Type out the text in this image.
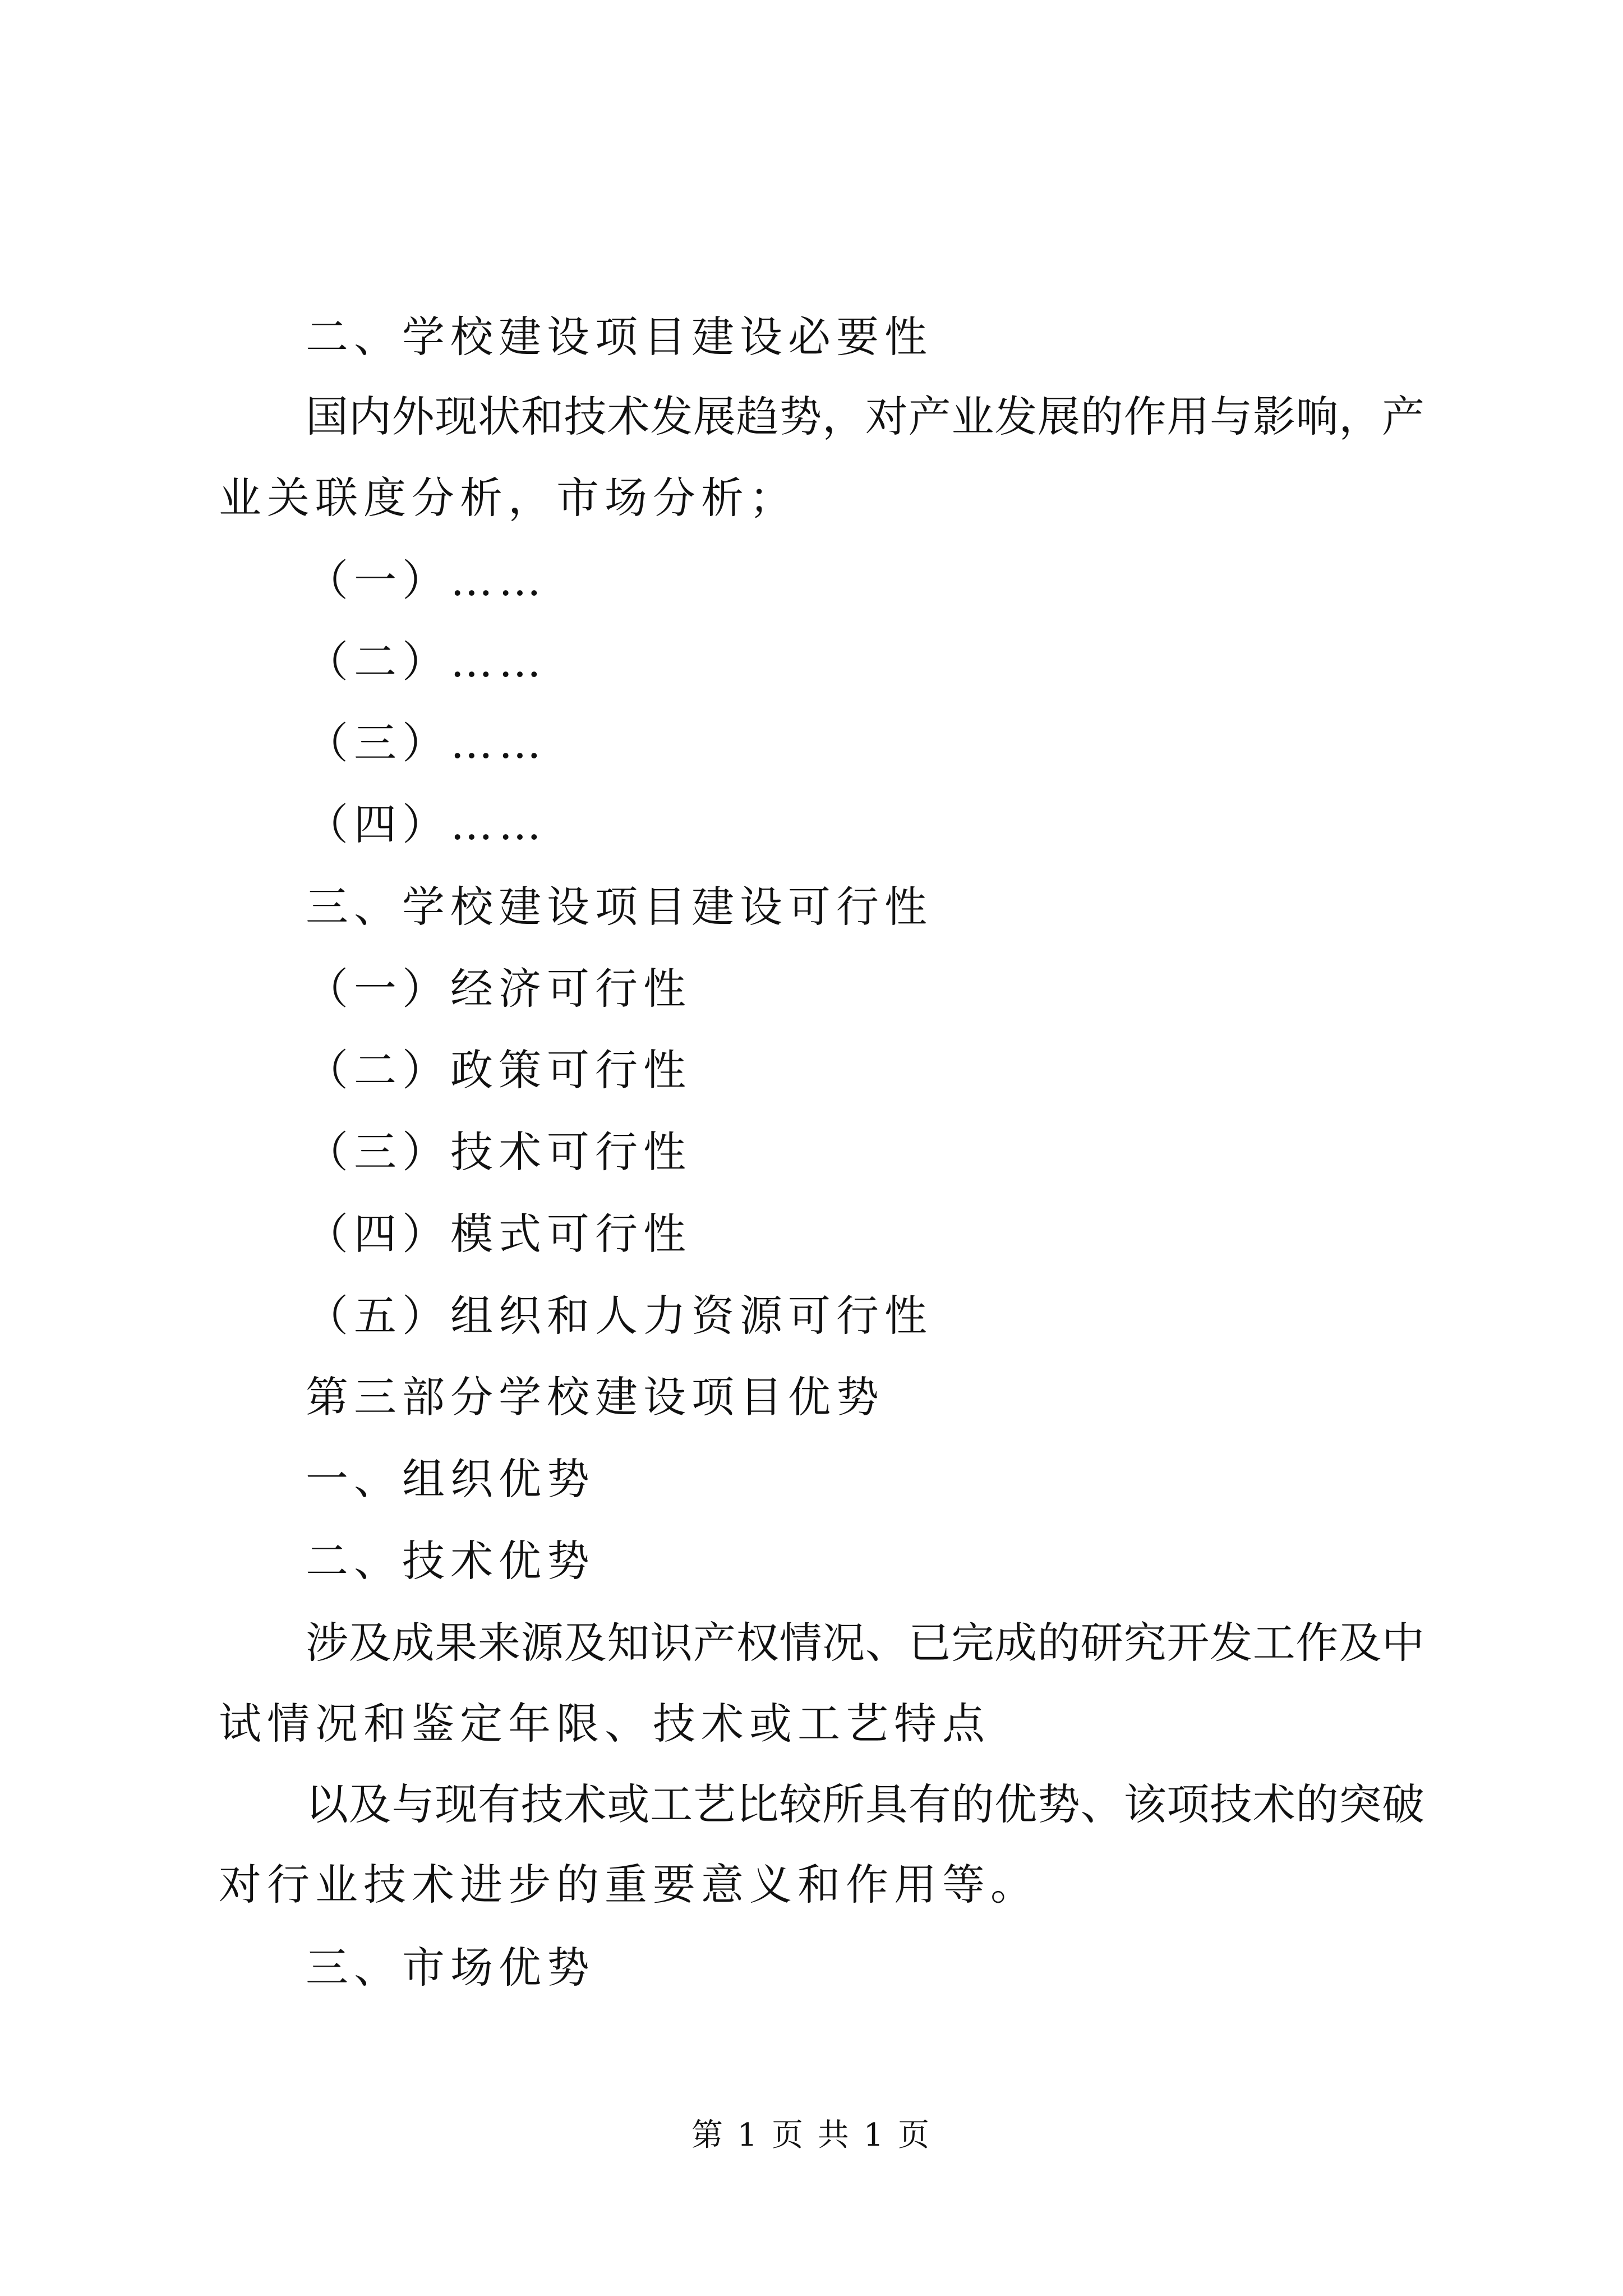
二、学校建设项目建设必要性
国内外现状和技术发展趋势，对产业发展的作用与影响，产
业关联度分析，市场分析；
（一）……
（二）……
（三）……
（四）……
三、学校建设项目建设可行性
（一）经济可行性
（二）政策可行性
（三）技术可行性
（四）模式可行性
（五）组织和人力资源可行性
第三部分学校建设项目优势
一、组织优势
二、技术优势
涉及成果来源及知识产权情况、已完成的研究开发工作及中
试情况和鉴定年限、技术或工艺特点
以及与现有技术或工艺比较所具有的优势、该项技术的突破
对行业技术进步的重要意义和作用等。
三、市场优势
第 1 页 共 1 页
